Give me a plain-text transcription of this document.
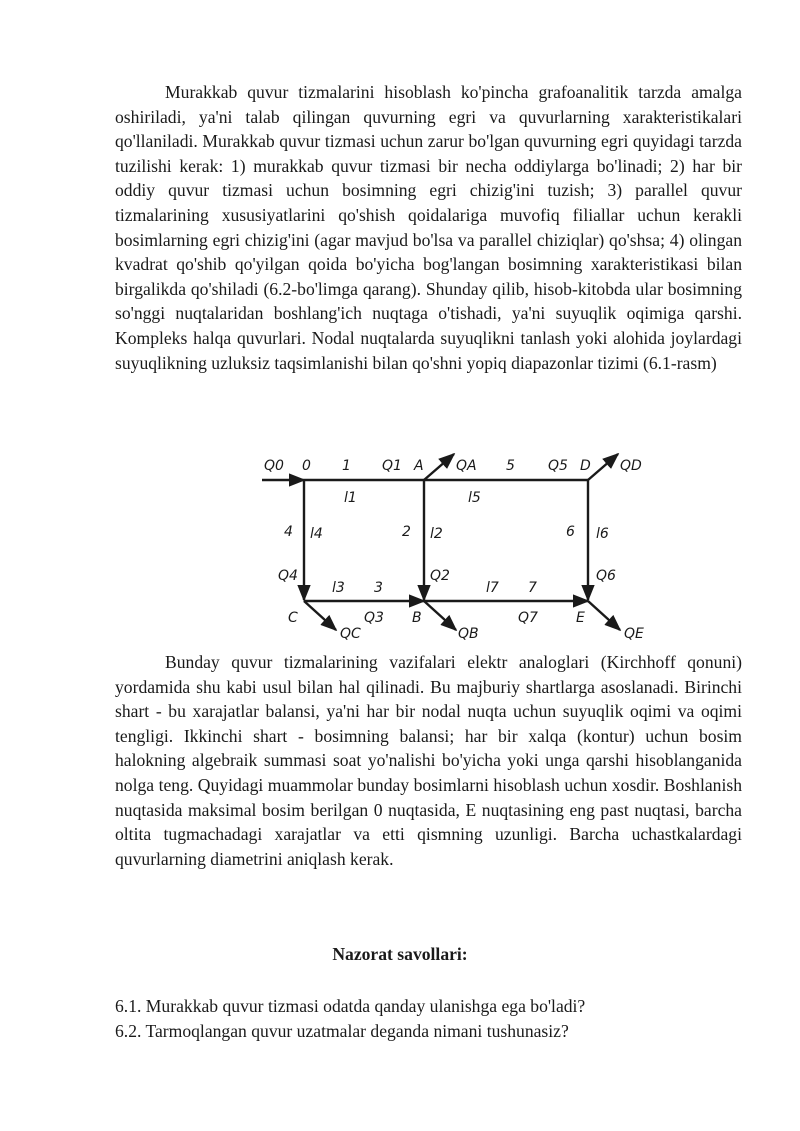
Murakkab quvur tizmalarini hisoblash ko'pincha grafoanalitik tarzda amalga oshiriladi, ya'ni talab qilingan quvurning egri va quvurlarning xarakteristikalari qo'llaniladi. Murakkab quvur tizmasi uchun zarur bo'lgan quvurning egri quyidagi tarzda tuzilishi kerak: 1) murakkab quvur tizmasi bir necha oddiylarga bo'linadi; 2) har bir oddiy quvur tizmasi uchun bosimning egri chizig'ini tuzish; 3) parallel quvur tizmalarining xususiyatlarini qo'shish qoidalariga muvofiq filiallar uchun kerakli bosimlarning egri chizig'ini (agar mavjud bo'lsa va parallel chiziqlar) qo'shsa; 4) olingan kvadrat qo'shib qo'yilgan qoida bo'yicha bog'langan bosimning xarakteristikasi bilan birgalikda qo'shiladi (6.2-bo'limga qarang). Shunday qilib, hisob-kitobda ular bosimning so'nggi nuqtalaridan boshlang'ich nuqtaga o'tishadi, ya'ni suyuqlik oqimiga qarshi. Kompleks halqa quvurlari. Nodal nuqtalarda suyuqlikni tanlash yoki alohida joylardagi suyuqlikning uzluksiz taqsimlanishi bilan qo'shni yopiq diapazonlar tizimi (6.1-rasm)

Q0 0 1 Q1 A QA 5 Q5 D QD
l1	l5
4 l4	2 l2	6 l6
Q4	Q2	Q6
l3 3	l7 7
C	Q3 B	Q7	E
QC	QB	QE

Bunday quvur tizmalarining vazifalari elektr analoglari (Kirchhoff qonuni) yordamida shu kabi usul bilan hal qilinadi. Bu majburiy shartlarga asoslanadi. Birinchi shart - bu xarajatlar balansi, ya'ni har bir nodal nuqta uchun suyuqlik oqimi va oqimi tengligi. Ikkinchi shart - bosimning balansi; har bir xalqa (kontur) uchun bosim halokning algebraik summasi soat yo'nalishi bo'yicha yoki unga qarshi hisoblanganida nolga teng. Quyidagi muammolar bunday bosimlarni hisoblash uchun xosdir. Boshlanish nuqtasida maksimal bosim berilgan 0 nuqtasida, E nuqtasining eng past nuqtasi, barcha oltita tugmachadagi xarajatlar va etti qismning uzunligi. Barcha uchastkalardagi quvurlarning diametrini aniqlash kerak.

Nazorat savollari:

6.1. Murakkab quvur tizmasi odatda qanday ulanishga ega bo'ladi?

6.2. Tarmoqlangan quvur uzatmalar deganda nimani tushunasiz?
